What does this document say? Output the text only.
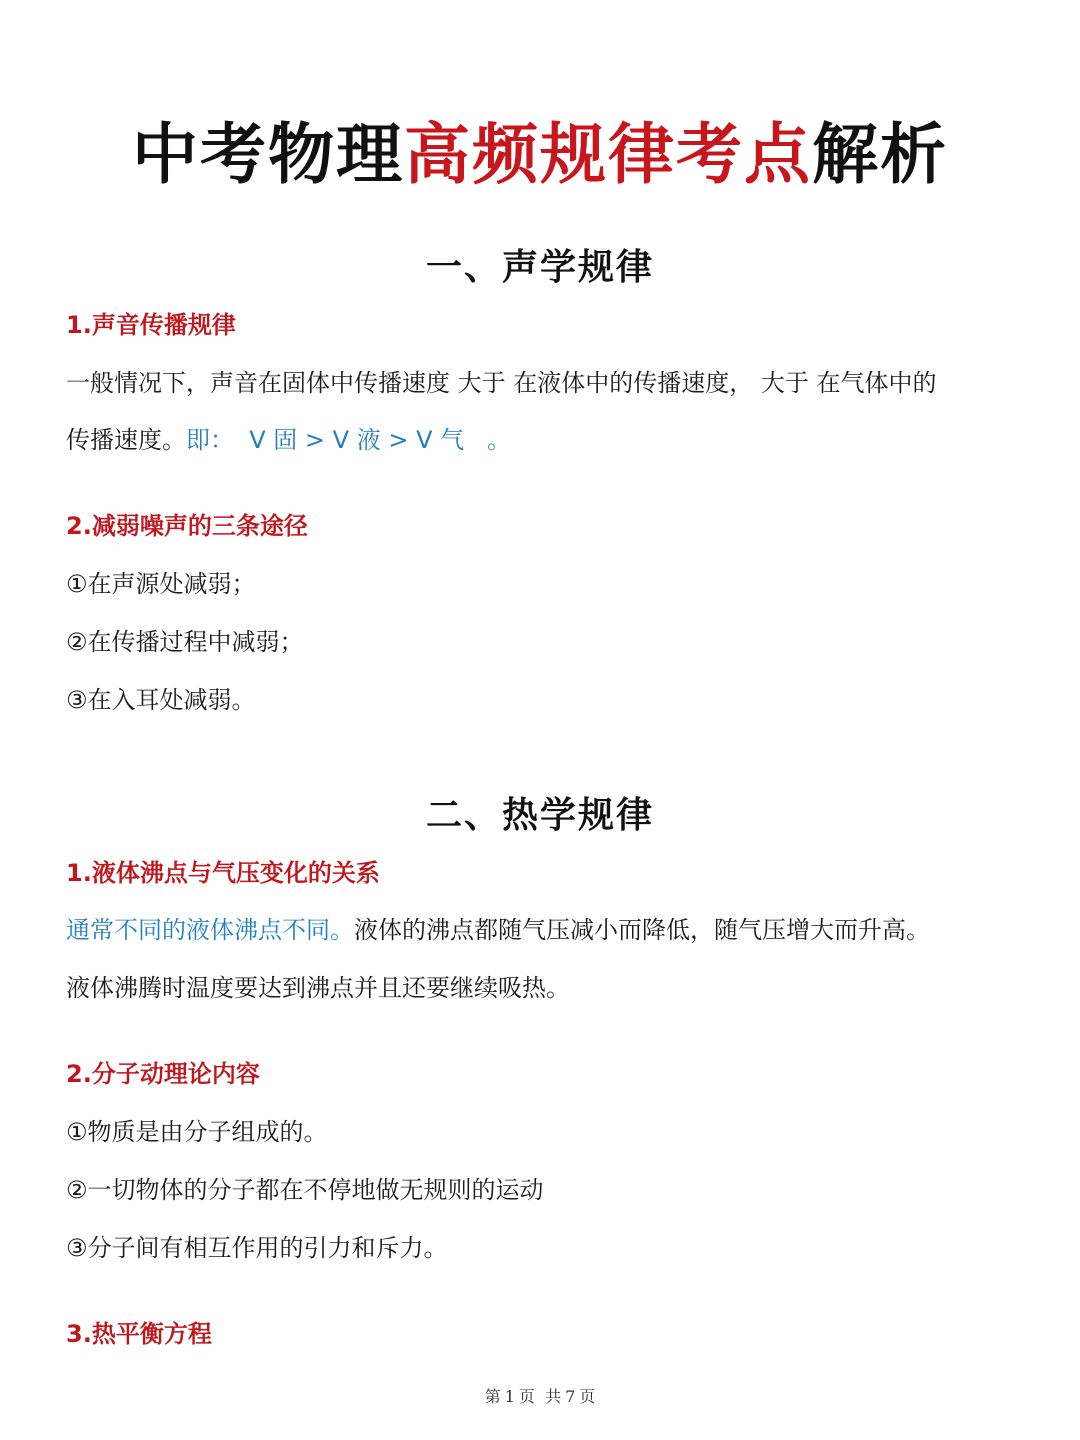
中考物理高频规律考点解析
一、声学规律
1.声音传播规律
一般情况下，声音在固体中传播速度 大于 在液体中的传播速度， 大于 在气体中的
传播速度。即：  V 固 > V 液 > V 气   。
2.减弱噪声的三条途径
①在声源处减弱；
②在传播过程中减弱；
③在入耳处减弱。
二、热学规律
1.液体沸点与气压变化的关系
通常不同的液体沸点不同。液体的沸点都随气压减小而降低，随气压增大而升高。
液体沸腾时温度要达到沸点并且还要继续吸热。
2.分子动理论内容
①物质是由分子组成的。
②一切物体的分子都在不停地做无规则的运动
③分子间有相互作用的引力和斥力。
3.热平衡方程
第 1 页  共 7 页
